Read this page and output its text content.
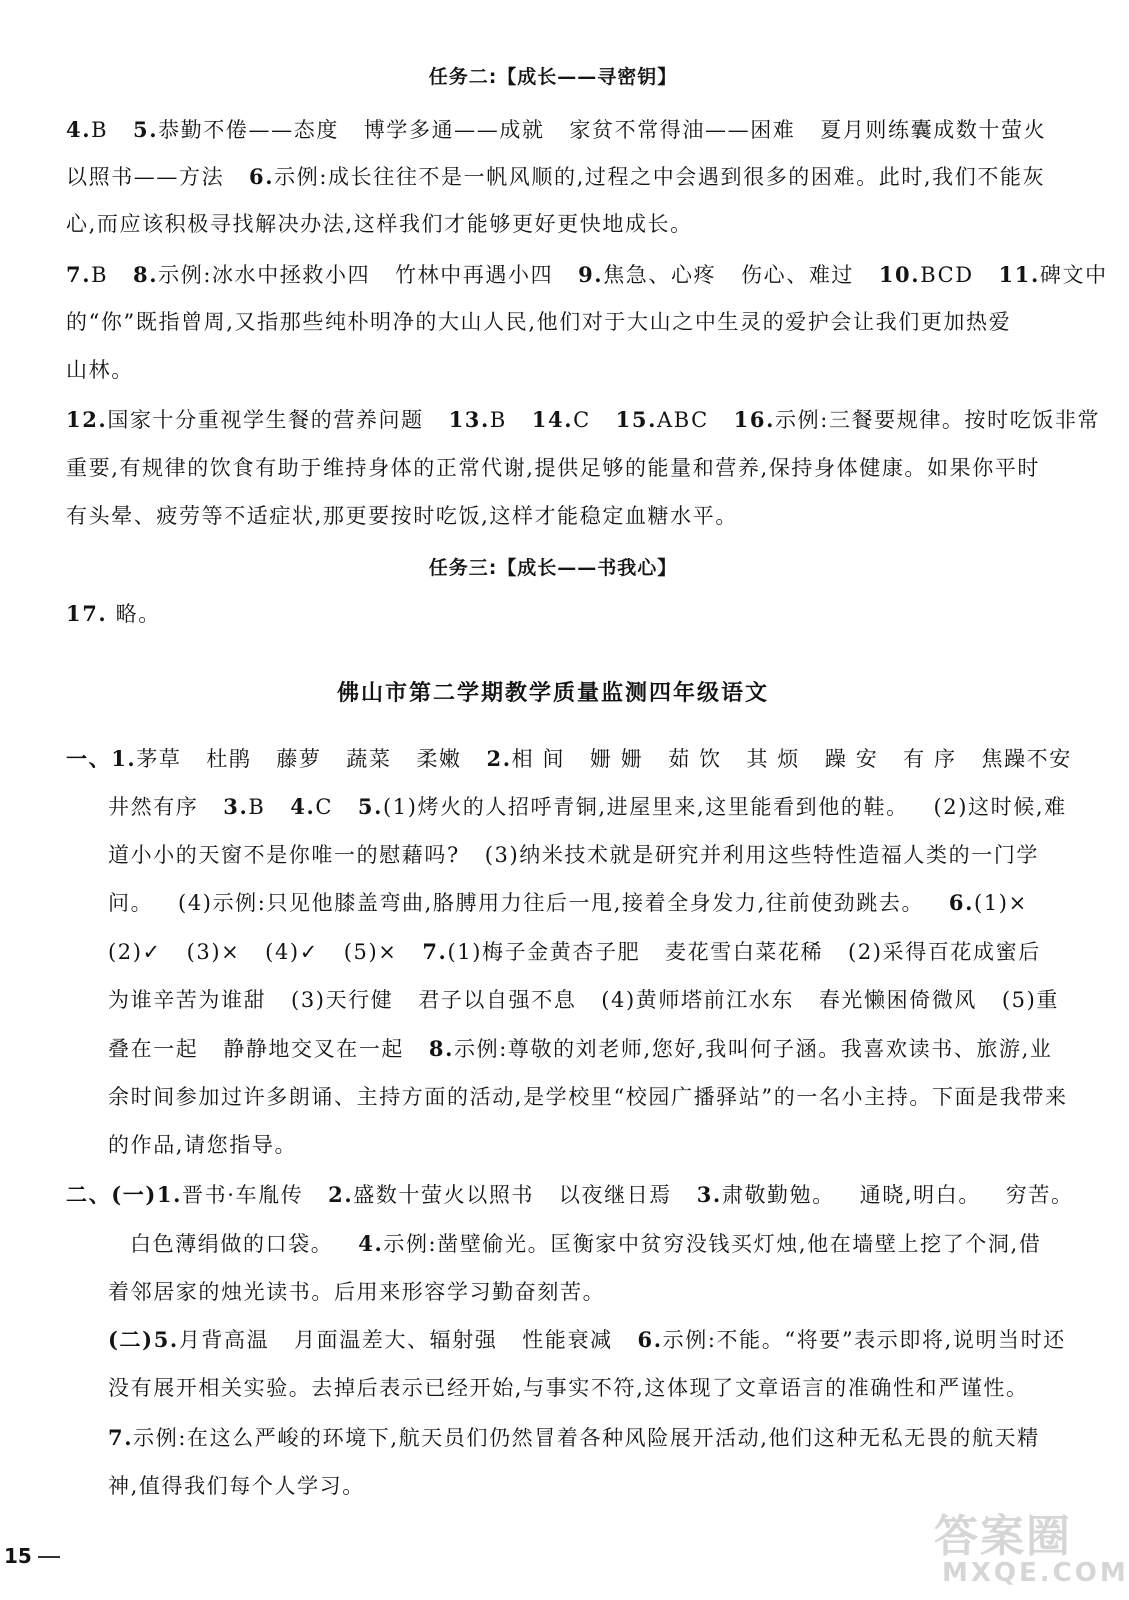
任务二:【成长——寻密钥】
4.B 5.恭勤不倦——态度 博学多通——成就 家贫不常得油——困难 夏月则练囊成数十萤火
以照书——方法 6.示例:成长往往不是一帆风顺的,过程之中会遇到很多的困难。此时,我们不能灰
心,而应该积极寻找解决办法,这样我们才能够更好更快地成长。
7.B 8.示例:冰水中拯救小四 竹林中再遇小四 9.焦急、心疼 伤心、难过 10.BCD 11.碑文中
的“你”既指曾周,又指那些纯朴明净的大山人民,他们对于大山之中生灵的爱护会让我们更加热爱
山林。
12.国家十分重视学生餐的营养问题 13.B 14.C 15.ABC 16.示例:三餐要规律。按时吃饭非常
重要,有规律的饮食有助于维持身体的正常代谢,提供足够的能量和营养,保持身体健康。如果你平时
有头晕、疲劳等不适症状,那更要按时吃饭,这样才能稳定血糖水平。
任务三:【成长——书我心】
17. 略。
佛山市第二学期教学质量监测四年级语文
一、1.茅草 杜鹃 藤萝 蔬菜 柔嫩 2.相 间 姗 姗 茹 饮 其 烦 躁 安 有 序 焦躁不安
井然有序 3.B 4.C 5.(1)烤火的人招呼青铜,进屋里来,这里能看到他的鞋。 (2)这时候,难
道小小的天窗不是你唯一的慰藉吗? (3)纳米技术就是研究并利用这些特性造福人类的一门学
问。 (4)示例:只见他膝盖弯曲,胳膊用力往后一甩,接着全身发力,往前使劲跳去。 6.(1)×
(2)✓ (3)× (4)✓ (5)× 7.(1)梅子金黄杏子肥 麦花雪白菜花稀 (2)采得百花成蜜后
为谁辛苦为谁甜 (3)天行健 君子以自强不息 (4)黄师塔前江水东 春光懒困倚微风 (5)重
叠在一起 静静地交叉在一起 8.示例:尊敬的刘老师,您好,我叫何子涵。我喜欢读书、旅游,业
余时间参加过许多朗诵、主持方面的活动,是学校里“校园广播驿站”的一名小主持。下面是我带来
的作品,请您指导。
二、(一)1.晋书·车胤传 2.盛数十萤火以照书 以夜继日焉 3.肃敬勤勉。 通晓,明白。 穷苦。
白色薄绢做的口袋。 4.示例:凿壁偷光。匡衡家中贫穷没钱买灯烛,他在墙壁上挖了个洞,借
着邻居家的烛光读书。后用来形容学习勤奋刻苦。
(二)5.月背高温 月面温差大、辐射强 性能衰减 6.示例:不能。“将要”表示即将,说明当时还
没有展开相关实验。去掉后表示已经开始,与事实不符,这体现了文章语言的准确性和严谨性。
7.示例:在这么严峻的环境下,航天员们仍然冒着各种风险展开活动,他们这种无私无畏的航天精
神,值得我们每个人学习。
15	答案圈
MXQE.COM
